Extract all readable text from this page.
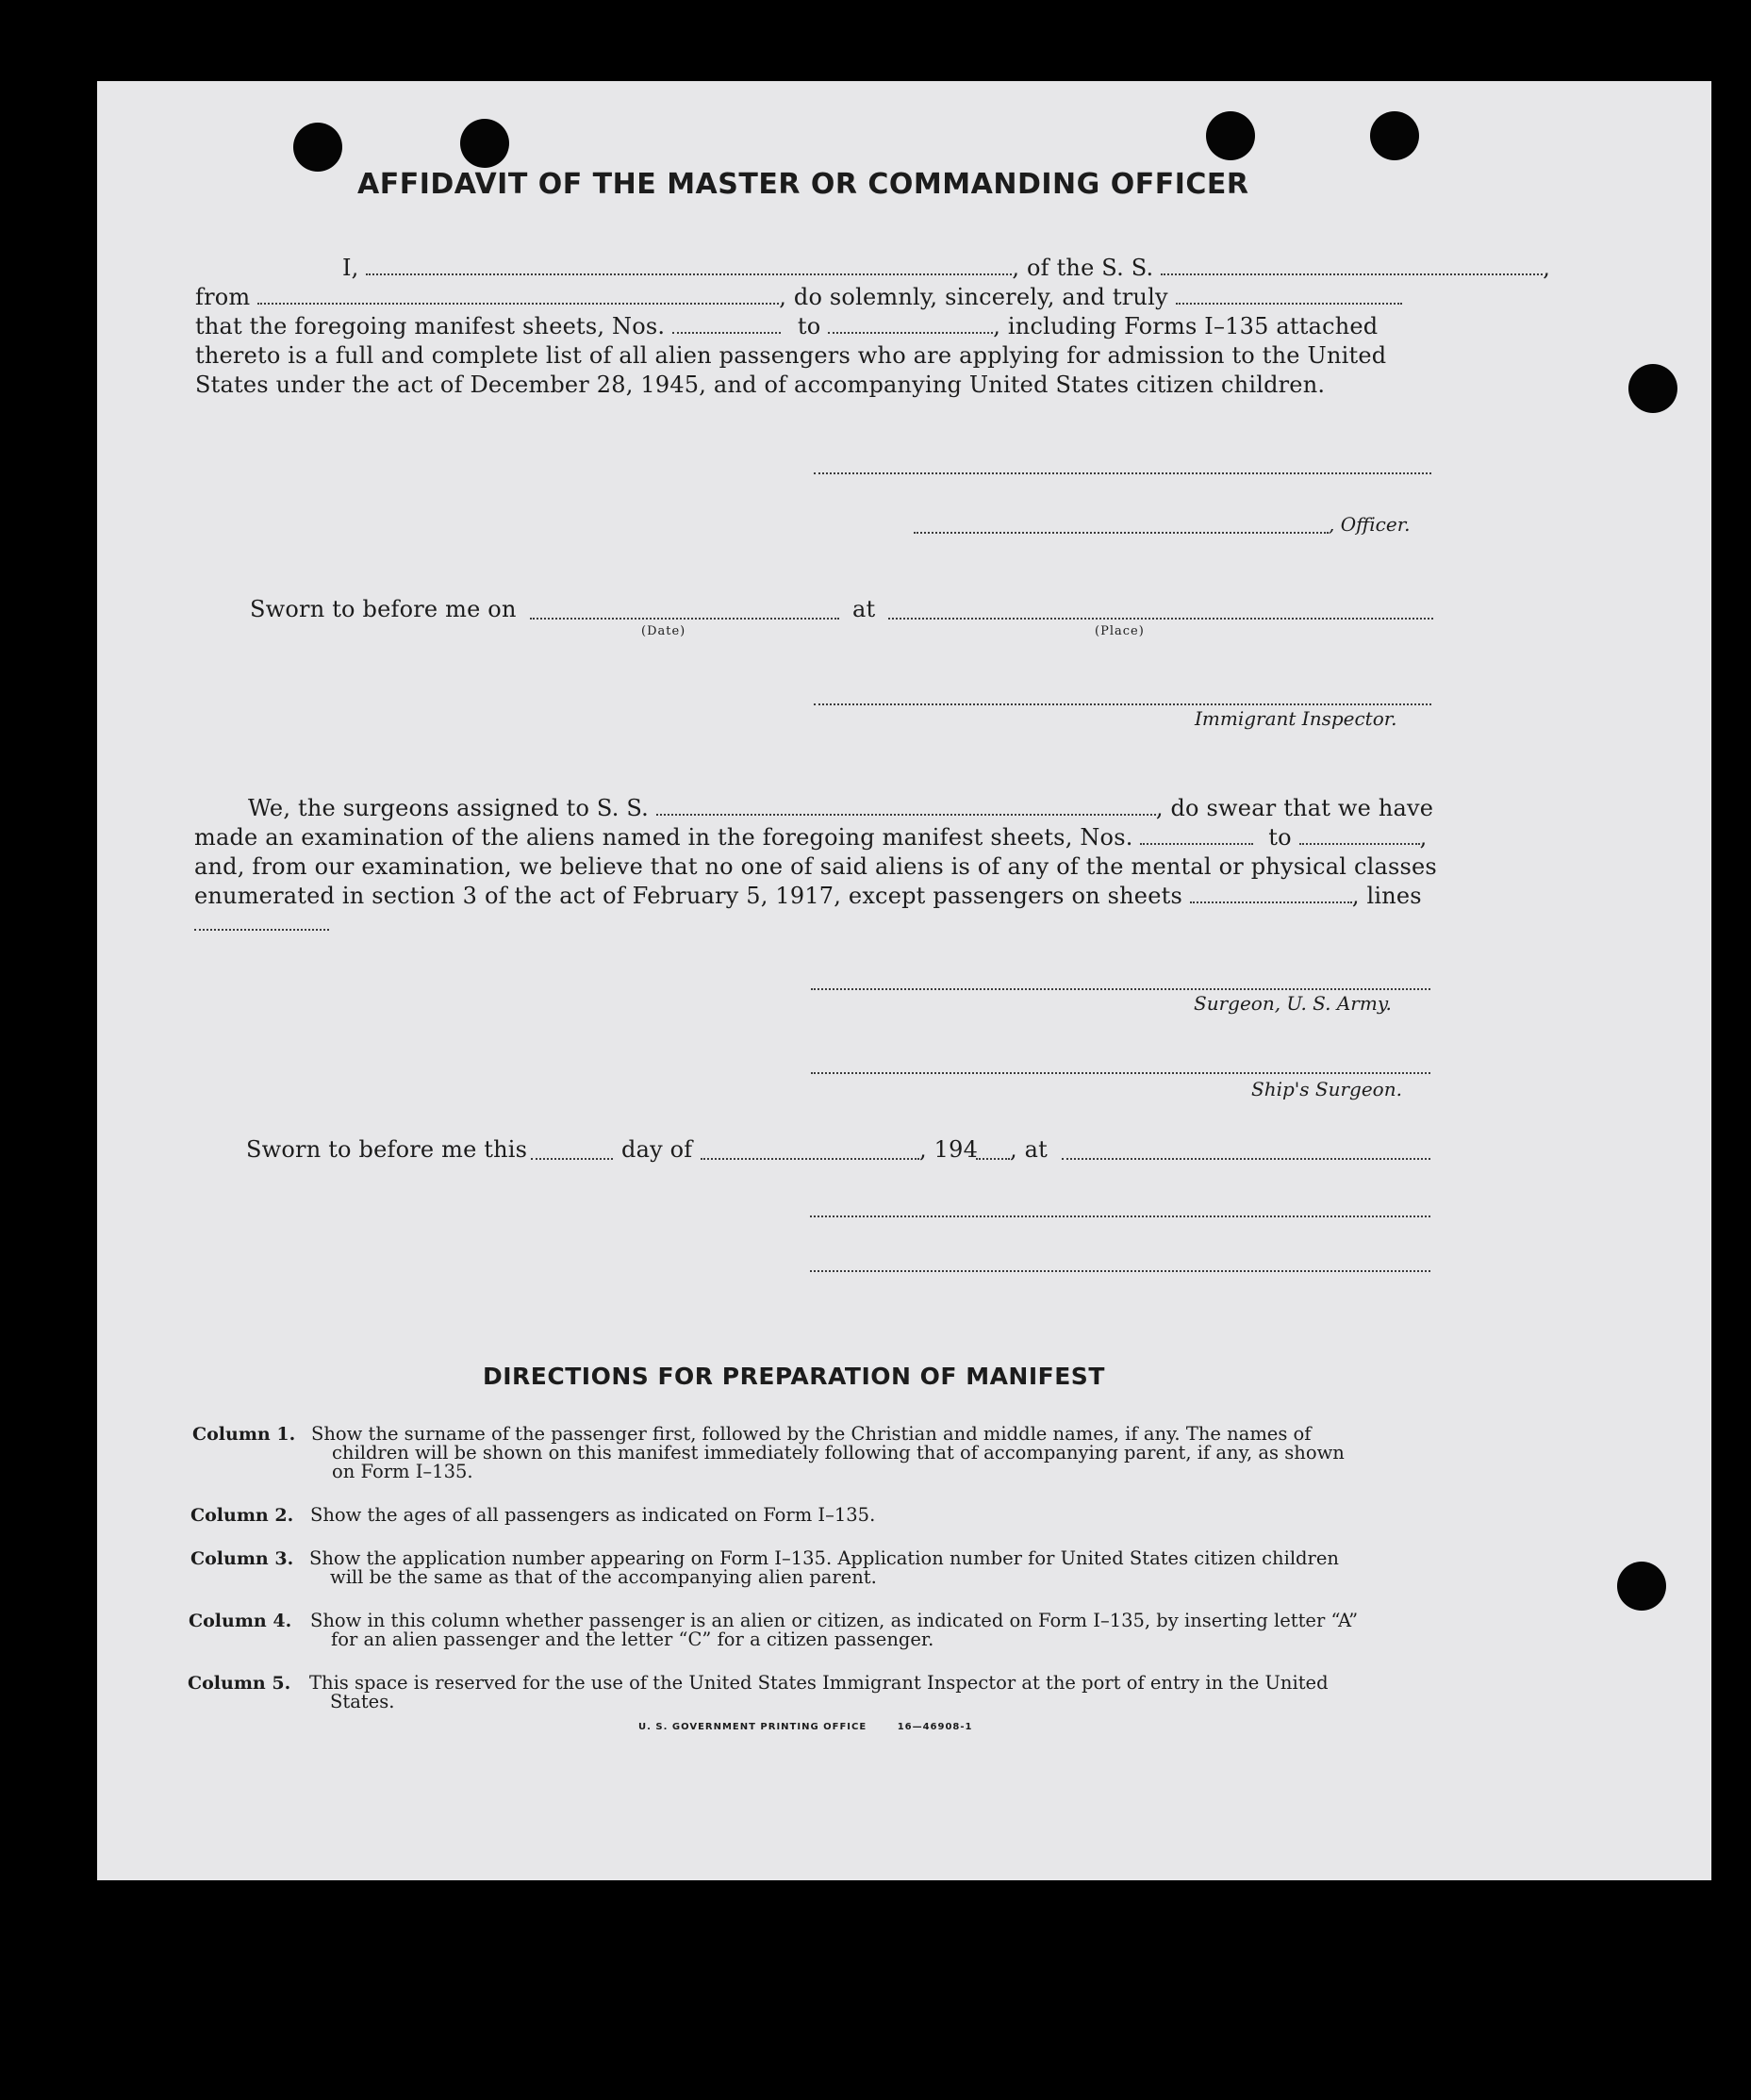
AFFIDAVIT OF THE MASTER OR COMMANDING OFFICER
I,	, of the S. S.	,
from	, do solemnly, sincerely, and truly
that the foregoing manifest sheets, Nos.	to	, including Forms I–135 attached
thereto is a full and complete list of all alien passengers who are applying for admission to the United
States under the act of December 28, 1945, and of accompanying United States citizen children.
, Officer.
Sworn to before me on	at
(Date)	(Place)
Immigrant Inspector.
We, the surgeons assigned to S. S.	, do swear that we have
made an examination of the aliens named in the foregoing manifest sheets, Nos.	to	,
and, from our examination, we believe that no one of said aliens is of any of the mental or physical classes
enumerated in section 3 of the act of February 5, 1917, except passengers on sheets	, lines
Surgeon, U. S. Army.
Ship's Surgeon.
Sworn to before me this	day of	, 194 , at
DIRECTIONS FOR PREPARATION OF MANIFEST
Column 1. Show the surname of the passenger first, followed by the Christian and middle names, if any. The names of
children will be shown on this manifest immediately following that of accompanying parent, if any, as shown
on Form I–135.
Column 2. Show the ages of all passengers as indicated on Form I–135.
Column 3. Show the application number appearing on Form I–135. Application number for United States citizen children
will be the same as that of the accompanying alien parent.
Column 4. Show in this column whether passenger is an alien or citizen, as indicated on Form I–135, by inserting letter “A”
for an alien passenger and the letter “C” for a citizen passenger.
Column 5. This space is reserved for the use of the United States Immigrant Inspector at the port of entry in the United
States.
U. S. GOVERNMENT PRINTING OFFICE	16—46908-1
